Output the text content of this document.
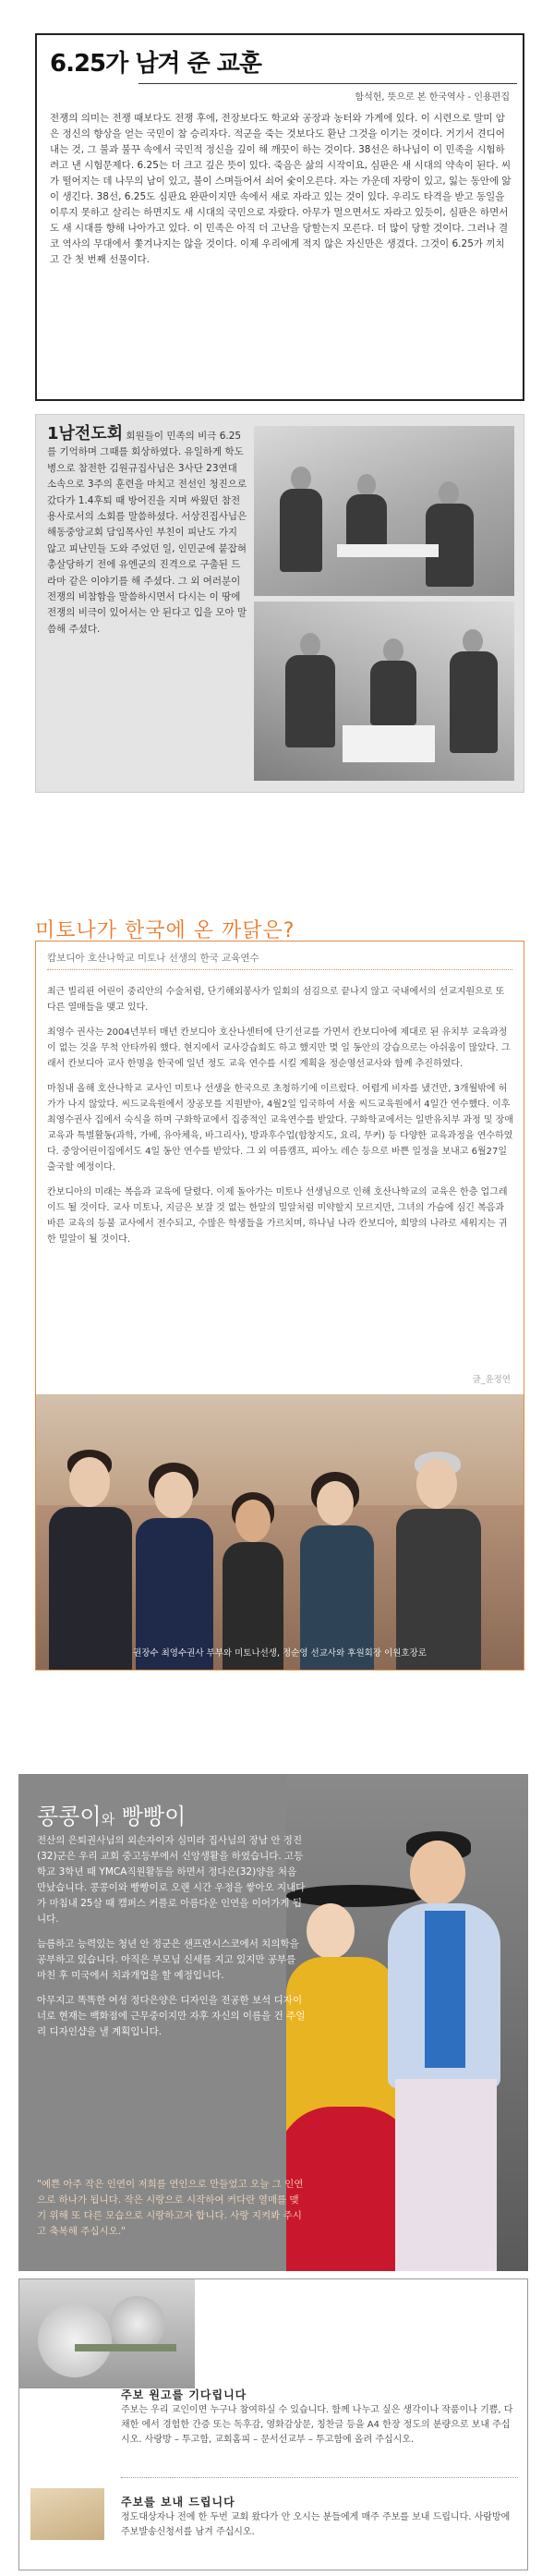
6.25가 남겨 준 교훈
함석헌, 뜻으로 본 한국역사 - 인용편집

전쟁의 의미는 전쟁 때보다도 전쟁 후에, 전장보다도 학교와 공장과 농터와 가게에 있다. 이 시련으로 말미 암은 정신의 향상을 얻는 국민이 참 승리자다. 적군을 죽는 것보다도 환난 그것을 이기는 것이다. 거기서 견디어내는 것, 그 불과 불꾸 속에서 국민적 정신을 깊이 해 깨끗이 하는 것이다. 38선은 하나님이 이 민족을 시험하려고 낸 시험문제다. 6.25는 더 크고 깊은 뜻이 있다. 죽음은 삶의 시작이요, 심판은 새 시대의 약속이 된다. 씨가 떨어지는 데 나무의 남이 있고, 불이 스며들어서 쇠어 숯이오른다. 자는 가운데 자랑이 있고, 잃는 동안에 앎이 생긴다. 38선, 6.25도 심판요 완판이지만 속에서 새로 자라고 있는 것이 있다. 우리도 타격을 받고 동일을 이루지 못하고 살리는 하면지도 새 시대의 국민으로 자랐다. 아무가 멀으면서도 자라고 있듯이, 심판은 하면서도 새 시대를 향해 나아가고 있다. 이 민족은 아직 더 고난을 당할는지 모른다. 더 많이 당할 것이다. 그러나 결코 역사의 무대에서 쫓겨나지는 않을 것이다. 이제 우리에게 적지 않은 자신만은 생겼다. 그것이 6.25가 끼치고 간 첫 번째 선물이다.

1남전도회 회원들이 민족의 비극 6.25를 기억하며 그때를 회상하였다. 유일하게 학도병으로 참전한 김원규집사님은 3사단 23연대 소속으로 3주의 훈련을 마치고 전선인 청진으로 갔다가 1.4후퇴 때 방어진을 지며 싸웠던 참전용사로서의 소회를 말씀하셨다. 서상진집사님은 해동중앙교회 담임목사인 부친이 피난도 가지 않고 피난민들 도와 주었던 일, 인민군에 붙잡혀 총살당하기 전에 유엔군의 진격으로 구출된 드라마 같은 이야기를 해 주셨다. 그 외 여러분이 전쟁의 비참함을 말씀하시면서 다시는 이 땅에 전쟁의 비극이 있어서는 안 된다고 입을 모아 말씀해 주셨다.

미토나가 한국에 온 까닭은?
캄보디아 호산나학교 미토나 선생의 한국 교육연수

최근 빌리핀 어린이 중리안의 수술처럼, 단기해외봉사가 일회의 섬김으로 끝나지 않고 국내에서의 선교지원으로 또 다른 열매들을 맺고 있다.

최영수 권사는 2004년부터 매년 칸보디아 호산나센터에 단기선교를 가면서 칸보디아에 제대로 된 유치부 교육과정이 없는 것을 무척 안타까워 했다. 현지에서 교사강습회도 하고 했지만 몇 일 동안의 강습으로는 아쉬움이 많았다. 그래서 칸보디아 교사 한명을 한국에 일년 정도 교육 연수를 시킬 계획을 정순영선교사와 함께 추진하였다.

마침내 올해 호산나학교 교사인 미토나 선생을 한국으로 초청하기에 이르렀다. 어렵게 비자를 냈건만, 3개월밖에 허가가 나지 않았다. 씨드교육원에서 장공모를 지원받아, 4월2일 입국하여 서울 씨드교육원에서 4일간 연수했다. 이후 최영수권사 집에서 숙식을 하며 구화학교에서 집중적인 교육연수를 받았다. 구화학교에서는 일반유치부 과정 및 장애교육과 특별활동(과학, 가베, 유아체육, 바그리사), 방과후수업(합창지도, 요리, 무커) 등 다양한 교육과정을 연수하였다. 중앙어린이집에서도 4일 동안 연수를 받았다. 그 외 여름캠프, 피아노 레슨 등으로 바쁜 일정을 보내고 6월27일 출국할 예정이다.

칸보디아의 미래는 복음과 교육에 달렸다. 이제 돌아가는 미토나 선생님으로 인해 호산나학교의 교육은 한층 업그레이드 될 것이다. 교사 미토나, 지금은 보잘 것 없는 한알의 밀알처럼 미약할지 모르지만, 그녀의 가슴에 심긴 복음과 바른 교육의 등불 교사에서 전수되고, 수많은 학생들을 가르치며, 하나님 나라 칸보디아, 희망의 나라로 세워지는 귀한 밀알이 될 것이다.

글_윤정연
권장수 최영수권사 부부와 미토나선생, 정순영 선교사와 후원회장 이원호장로
콩콩이와 빵빵이

전산의 은퇴권사님의 외손자이자 심미라 집사님의 장남 안 정진(32)군은 우리 교회 중고등부에서 신앙생활을 하였습니다. 고등학교 3학년 때 YMCA직원활동을 하면서 정다은(32)양을 처음 만났습니다. 콩콩이와 빵빵이로 오랜 시간 우정을 쌓아오 지내다가 마침내 25살 때 캠퍼스 커플로 아름다운 인연을 이어가게 됩니다.

늠름하고 능력있는 청년 안 정군은 샌프란시스코에서 치의학을 공부하고 있습니다. 아직은 부모님 신세를 지고 있지만 공부를 마친 후 미국에서 치과개업을 할 예정입니다.

아무지고 똑똑한 여성 정다은양은 디자인을 전공한 보석 디자이너로 현재는 백화점에 근무중이지만 자후 자신의 이름을 건 주얼리 디자인샵을 낼 계획입니다.

"예쁜 아주 작은 인연이 저희를 연인으로 만들었고 오늘 그 인연으로 하나가 됩니다. 작은 시랑으로 시작하여 커다란 열매를 맺기 위해 또 다른 모습으로 시랑하고자 합니다. 사랑 지켜봐 주시고 축복해 주십시오."

주보 원고를 기다립니다

주보는 우리 교인이면 누구나 참여하실 수 있습니다. 함께 나누고 싶은 생각이나 작품이나 기쁨, 다채한 에서 경험한 간증 또는 독후감, 영화감상문, 칭찬글 등을 A4 한장 정도의 분량으로 보내 주십시오. 사랑방 – 투고함, 교회홈피 – 문서선교부 – 투고함에 올려 주십시오.

주보를 보내 드립니다

정도대상자나 전에 한 두번 교회 왔다가 안 오시는 분들에게 매주 주보를 보내 드립니다. 사람방에 주보발송신청서를 남겨 주십시오.
